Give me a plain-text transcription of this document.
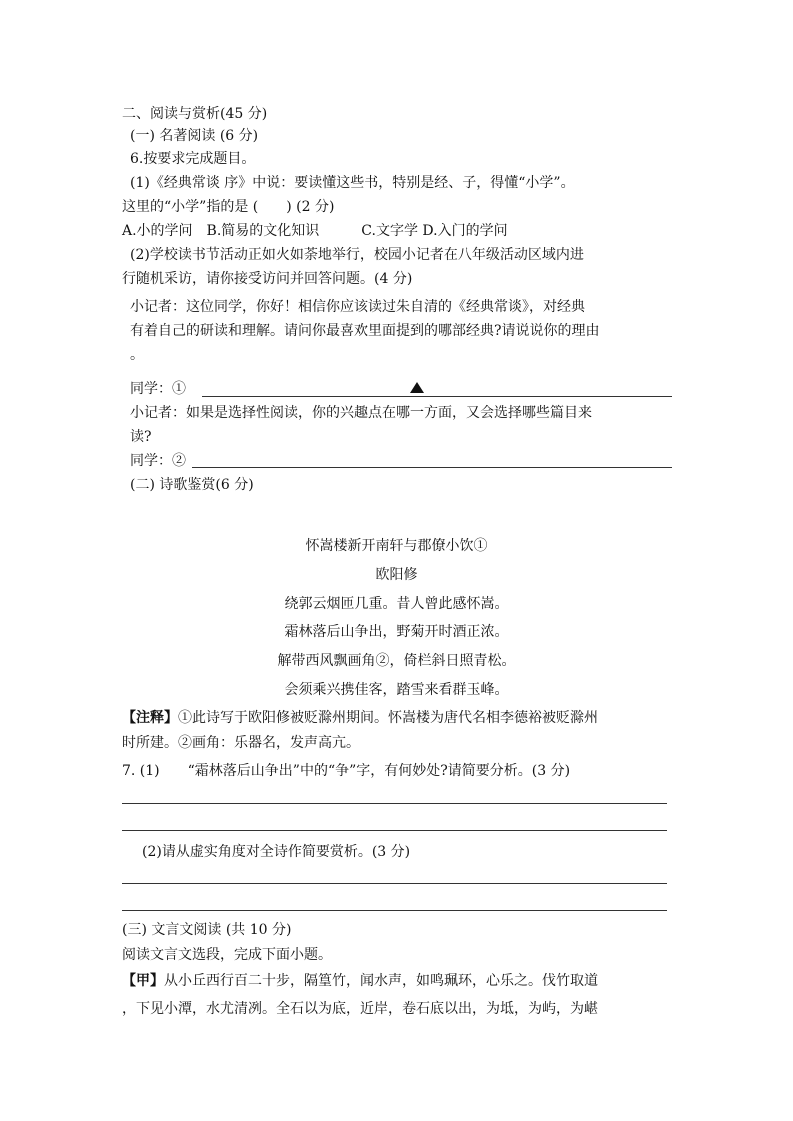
二、阅读与赏析(45 分)
(一) 名著阅读 (6 分)
6.按要求完成题目。
(1)《经典常谈 序》中说：要读懂这些书，特别是经、子，得懂“小学”。
这里的“小学”指的是 (　　) (2 分)
A.小的学问　B.简易的文化知识　　　C.文字学 D.入门的学问
(2)学校读书节活动正如火如荼地举行，校园小记者在八年级活动区域内进
行随机采访，请你接受访问并回答问题。(4 分)
小记者：这位同学，你好！相信你应该读过朱自清的《经典常谈》，对经典
有着自己的研读和理解。请问你最喜欢里面提到的哪部经典?请说说你的理由
。
同学：①
小记者：如果是选择性阅读，你的兴趣点在哪一方面，又会选择哪些篇目来
读?
同学：②
(二) 诗歌鉴赏(6 分)
怀嵩楼新开南轩与郡僚小饮①
欧阳修
绕郭云烟匝几重。昔人曾此感怀嵩。
霜林落后山争出，野菊开时酒正浓。
解带西风飘画角②，倚栏斜日照青松。
会须乘兴携佳客，踏雪来看群玉峰。
【注释】①此诗写于欧阳修被贬滁州期间。怀嵩楼为唐代名相李德裕被贬滁州
时所建。②画角：乐器名，发声高亢。
7. (1)　　“霜林落后山争出”中的“争”字，有何妙处?请简要分析。(3 分)
(2)请从虚实角度对全诗作简要赏析。(3 分)
(三) 文言文阅读 (共 10 分)
阅读文言文选段，完成下面小题。
【甲】从小丘西行百二十步，隔篁竹，闻水声，如鸣珮环，心乐之。伐竹取道
，下见小潭，水尤清冽。全石以为底，近岸，卷石底以出，为坻，为屿，为嵁
